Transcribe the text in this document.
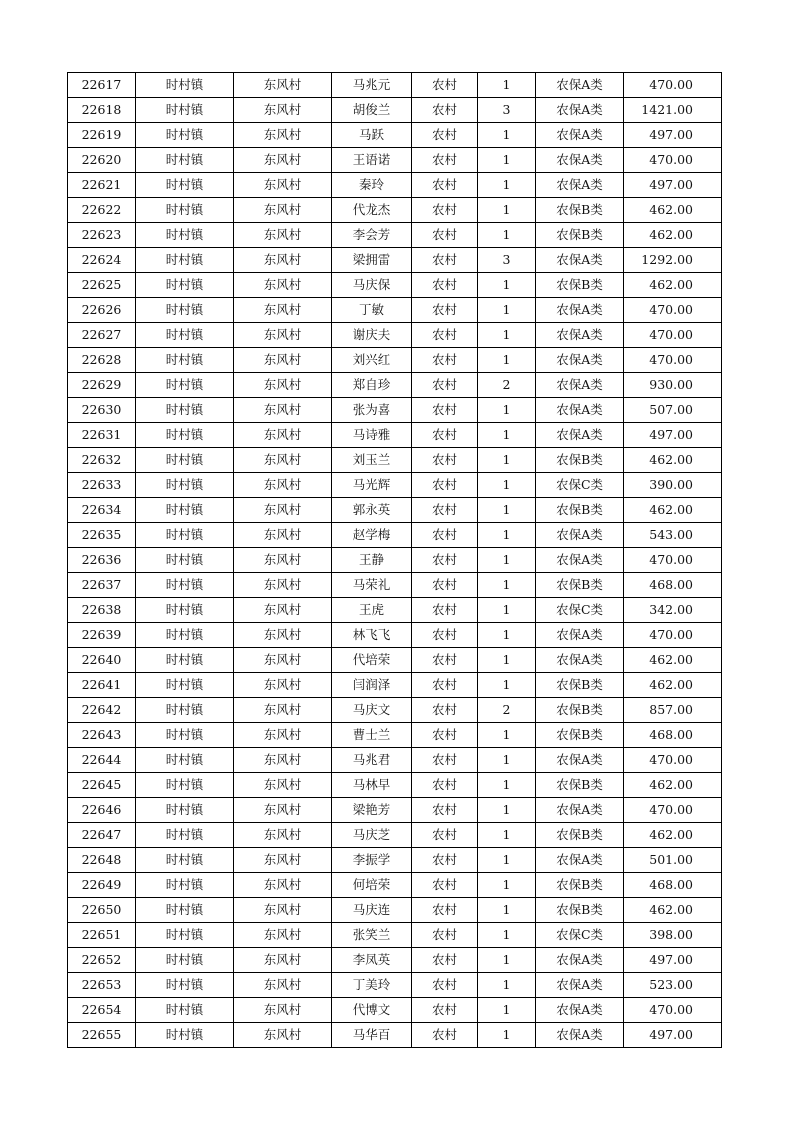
22617	时村镇	东风村	马兆元	农村	1	农保A类	470.00
22618	时村镇	东风村	胡俊兰	农村	3	农保A类	1421.00
22619	时村镇	东风村	马跃	农村	1	农保A类	497.00
22620	时村镇	东风村	王语诺	农村	1	农保A类	470.00
22621	时村镇	东风村	秦玲	农村	1	农保A类	497.00
22622	时村镇	东风村	代龙杰	农村	1	农保B类	462.00
22623	时村镇	东风村	李会芳	农村	1	农保B类	462.00
22624	时村镇	东风村	梁拥雷	农村	3	农保A类	1292.00
22625	时村镇	东风村	马庆保	农村	1	农保B类	462.00
22626	时村镇	东风村	丁敏	农村	1	农保A类	470.00
22627	时村镇	东风村	谢庆夫	农村	1	农保A类	470.00
22628	时村镇	东风村	刘兴红	农村	1	农保A类	470.00
22629	时村镇	东风村	郑自珍	农村	2	农保A类	930.00
22630	时村镇	东风村	张为喜	农村	1	农保A类	507.00
22631	时村镇	东风村	马诗雅	农村	1	农保A类	497.00
22632	时村镇	东风村	刘玉兰	农村	1	农保B类	462.00
22633	时村镇	东风村	马光辉	农村	1	农保C类	390.00
22634	时村镇	东风村	郭永英	农村	1	农保B类	462.00
22635	时村镇	东风村	赵学梅	农村	1	农保A类	543.00
22636	时村镇	东风村	王静	农村	1	农保A类	470.00
22637	时村镇	东风村	马荣礼	农村	1	农保B类	468.00
22638	时村镇	东风村	王虎	农村	1	农保C类	342.00
22639	时村镇	东风村	林飞飞	农村	1	农保A类	470.00
22640	时村镇	东风村	代培荣	农村	1	农保A类	462.00
22641	时村镇	东风村	闫润泽	农村	1	农保B类	462.00
22642	时村镇	东风村	马庆文	农村	2	农保B类	857.00
22643	时村镇	东风村	曹士兰	农村	1	农保B类	468.00
22644	时村镇	东风村	马兆君	农村	1	农保A类	470.00
22645	时村镇	东风村	马林早	农村	1	农保B类	462.00
22646	时村镇	东风村	梁艳芳	农村	1	农保A类	470.00
22647	时村镇	东风村	马庆芝	农村	1	农保B类	462.00
22648	时村镇	东风村	李振学	农村	1	农保A类	501.00
22649	时村镇	东风村	何培荣	农村	1	农保B类	468.00
22650	时村镇	东风村	马庆连	农村	1	农保B类	462.00
22651	时村镇	东风村	张笑兰	农村	1	农保C类	398.00
22652	时村镇	东风村	李凤英	农村	1	农保A类	497.00
22653	时村镇	东风村	丁美玲	农村	1	农保A类	523.00
22654	时村镇	东风村	代博文	农村	1	农保A类	470.00
22655	时村镇	东风村	马华百	农村	1	农保A类	497.00
